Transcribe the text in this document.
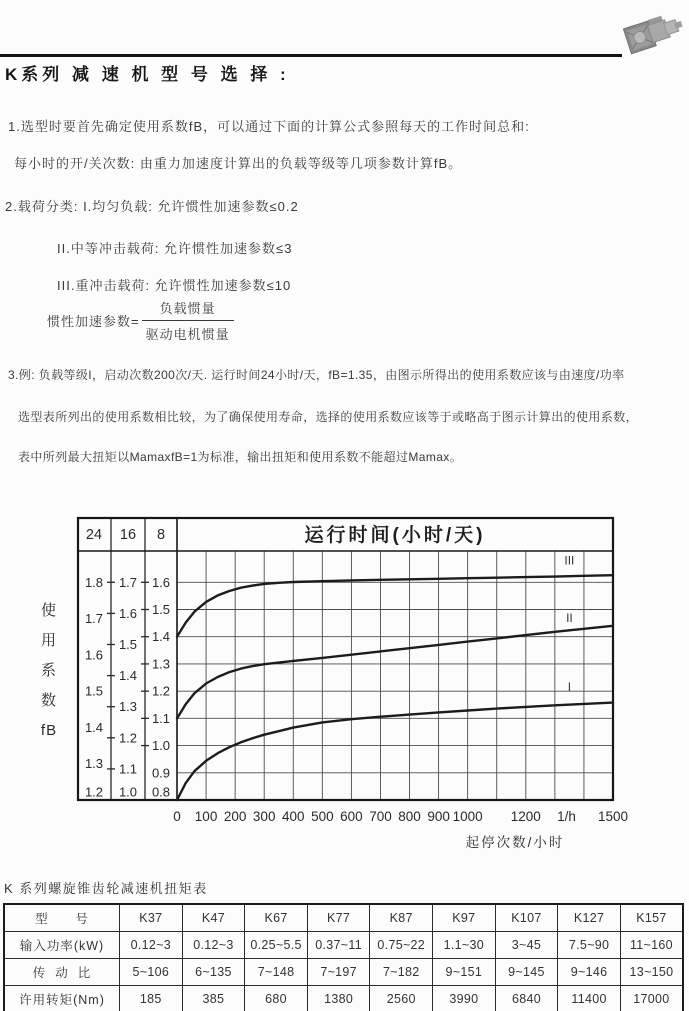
K系列 减 速 机 型 号 选 择 :
1.选型时要首先确定使用系数fB，可以通过下面的计算公式参照每天的工作时间总和:
每小时的开/关次数: 由重力加速度计算出的负载等级等几项参数计算fB。
2.载荷分类: I.均匀负载: 允许惯性加速参数≤0.2
II.中等冲击载荷: 允许惯性加速参数≤3
III.重冲击载荷: 允许惯性加速参数≤10
惯性加速参数= $\frac{\text{负载惯量}}{\text{驱动电机惯量}}$
3.例: 负载等级I，启动次数200次/天. 运行时间24小时/天，fB=1.35，由图示所得出的使用系数应该与由速度/功率
选型表所列出的使用系数相比较，为了确保使用寿命，选择的使用系数应该等于或略高于图示计算出的使用系数，
表中所列最大扭矩以MamaxfB=1为标准，输出扭矩和使用系数不能超过Mamax。
使
用
系
数
fB
24 16 8	运行时间(小时/天)
1.8
1.7
1.6
1.5
1.4
1.3
1.2
1.7
1.6
1.5
1.4
1.3
1.2
1.1
1.0
1.6
1.5
1.4
1.3
1.2
1.1
1.0
0.9
0.8
III
II
I
0 100 200 300 400 500 600 700 800 900 1000 1200 1/h 1500
起停次数/小时
K 系列螺旋锥齿轮减速机扭矩表
型      号	K37	K47	K67	K77	K87	K97	K107	K127	K157
输入功率(kW)	0.12~3	0.12~3	0.25~5.5	0.37~11	0.75~22	1.1~30	3~45	7.5~90	11~160
传  动  比	5~106	6~135	7~148	7~197	7~182	9~151	9~145	9~146	13~150
许用转矩(Nm)	185	385	680	1380	2560	3990	6840	11400	17000
